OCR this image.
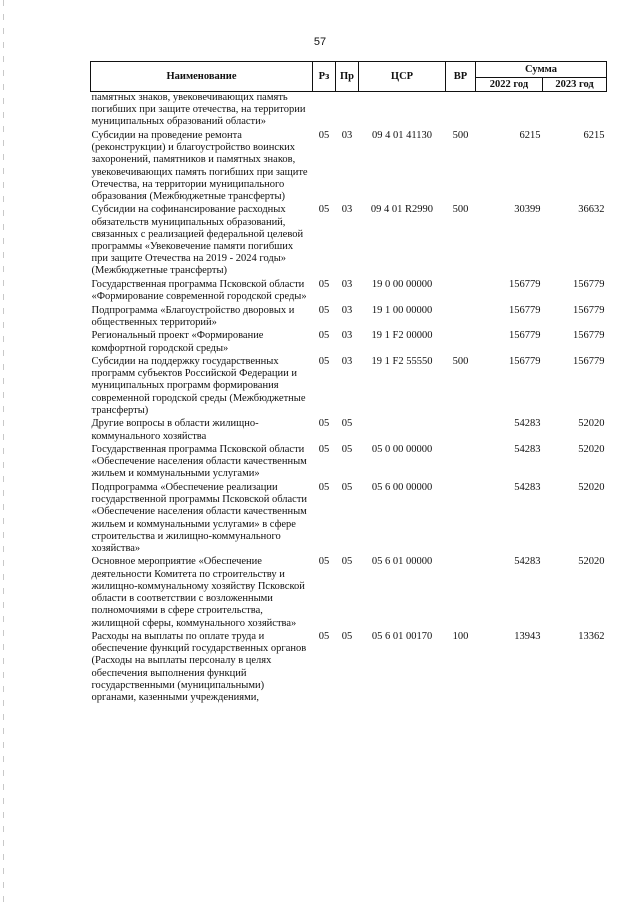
57
Наименование	Рз	Пр	ЦСР	ВР	Сумма	
					2022 год	2023 год
памятных знаков, увековечивающих память погибших при защите отечества, на территории муниципальных образований области»						
Субсидии на проведение ремонта (реконструкции) и благоустройство воинских захоронений, памятников и памятных знаков, увековечивающих память погибших при защите Отечества, на территории муниципального образования (Межбюджетные трансферты)	05	03	09 4 01 41130	500	6215	6215
Субсидии на софинансирование расходных обязательств муниципальных образований, связанных с реализацией федеральной целевой программы «Увековечение памяти погибших при защите Отечества на 2019 - 2024 годы» (Межбюджетные трансферты)	05	03	09 4 01 R2990	500	30399	36632
Государственная программа Псковской области «Формирование современной городской среды»	05	03	19 0 00 00000		156779	156779
Подпрограмма «Благоустройство дворовых и общественных территорий»	05	03	19 1 00 00000		156779	156779
Региональный проект «Формирование комфортной городской среды»	05	03	19 1 F2 00000		156779	156779
Субсидии на поддержку государственных программ субъектов Российской Федерации и муниципальных программ формирования современной городской среды (Межбюджетные трансферты)	05	03	19 1 F2 55550	500	156779	156779
Другие вопросы в области жилищно-коммунального хозяйства	05	05			54283	52020
Государственная программа Псковской области «Обеспечение населения области качественным жильем и коммунальными услугами»	05	05	05 0 00 00000		54283	52020
Подпрограмма «Обеспечение реализации государственной программы Псковской области «Обеспечение населения области качественным жильем и коммунальными услугами» в сфере строительства и жилищно-коммунального хозяйства»	05	05	05 6 00 00000		54283	52020
Основное мероприятие «Обеспечение деятельности Комитета по строительству и жилищно-коммунальному хозяйству Псковской области в соответствии с возложенными полномочиями в сфере строительства, жилищной сферы, коммунального хозяйства»	05	05	05 6 01 00000		54283	52020
Расходы на выплаты по оплате труда и обеспечение функций государственных органов (Расходы на выплаты персоналу в целях обеспечения выполнения функций государственными (муниципальными) органами, казенными учреждениями,	05	05	05 6 01 00170	100	13943	13362
